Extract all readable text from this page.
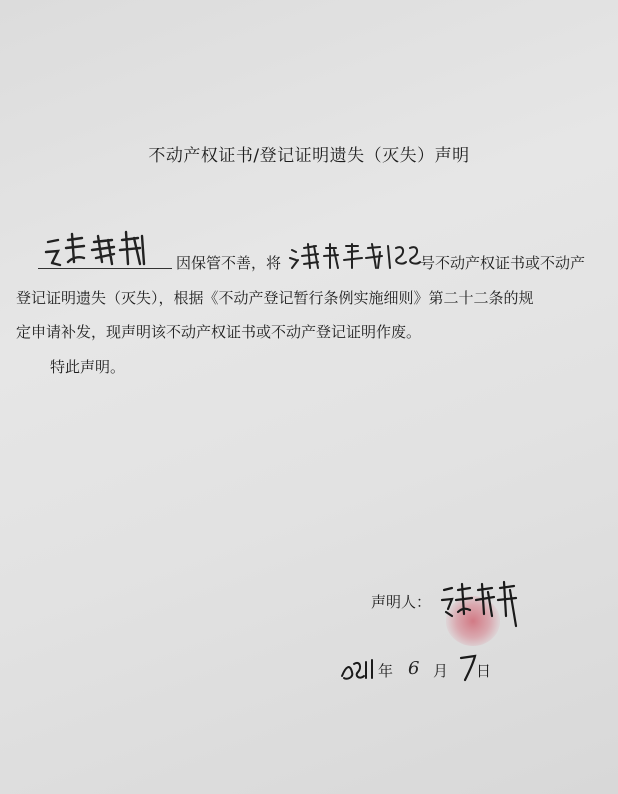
不动产权证书/登记证明遗失（灭失）声明
因保管不善，将	号不动产权证书或不动产
登记证明遗失（灭失），根据《不动产登记暂行条例实施细则》第二十二条的规
定申请补发，现声明该不动产权证书或不动产登记证明作废。
特此声明。
声明人：
年 6 月 日
